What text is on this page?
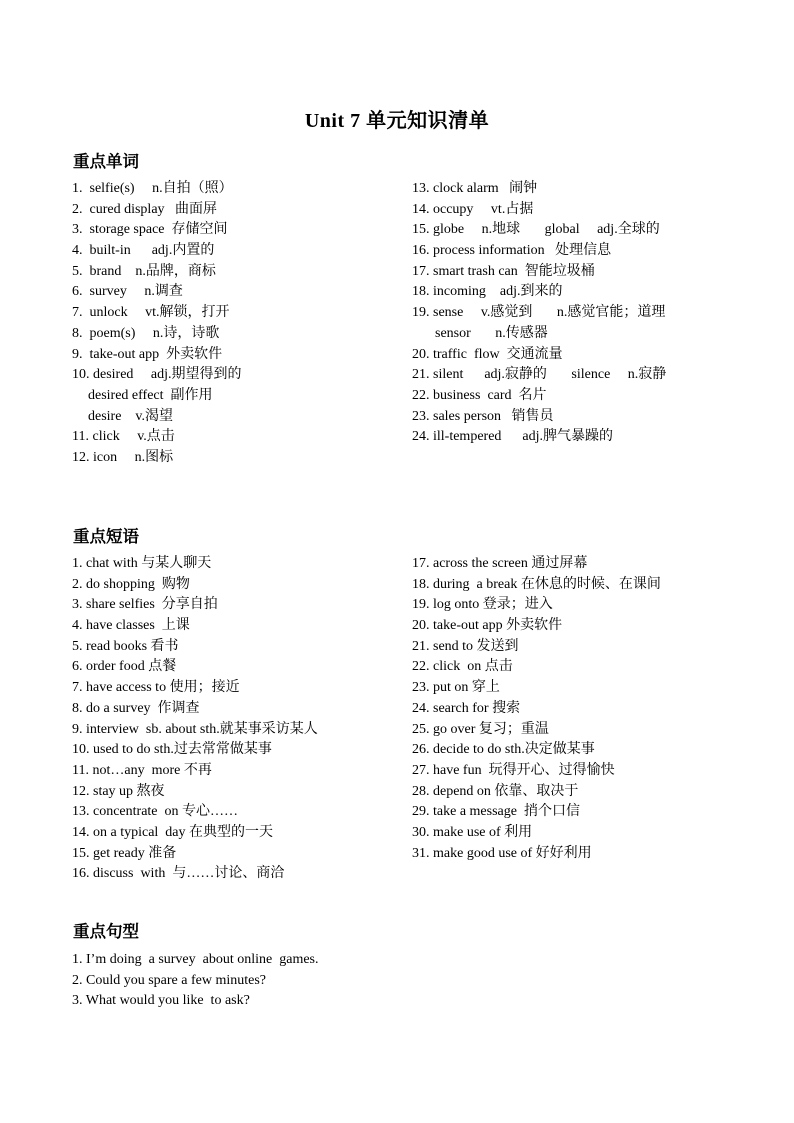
Unit 7 单元知识清单
重点单词
1.  selfie(s)     n.自拍（照）
2.  cured display   曲面屏
3.  storage space  存储空间
4.  built-in      adj.内置的
5.  brand    n.品牌，商标
6.  survey     n.调查
7.  unlock     vt.解锁，打开
8.  poem(s)     n.诗，诗歌
9.  take-out app  外卖软件
10. desired     adj.期望得到的
desired effect  副作用
desire    v.渴望
11. click     v.点击
12. icon     n.图标
13. clock alarm   闹钟
14. occupy     vt.占据
15. globe     n.地球       global     adj.全球的
16. process information   处理信息
17. smart trash can  智能垃圾桶
18. incoming    adj.到来的
19. sense     v.感觉到       n.感觉官能；道理
sensor       n.传感器
20. traffic  flow  交通流量
21. silent      adj.寂静的       silence     n.寂静
22. business  card  名片
23. sales person   销售员
24. ill-tempered      adj.脾气暴躁的
重点短语
1. chat with 与某人聊天
2. do shopping  购物
3. share selfies  分享自拍
4. have classes  上课
5. read books 看书
6. order food 点餐
7. have access to 使用；接近
8. do a survey  作调查
9. interview  sb. about sth.就某事采访某人
10. used to do sth.过去常常做某事
11. not…any  more 不再
12. stay up 熬夜
13. concentrate  on 专心……
14. on a typical  day 在典型的一天
15. get ready 准备
16. discuss  with  与……讨论、商洽
17. across the screen 通过屏幕
18. during  a break 在休息的时候、在课间
19. log onto 登录；进入
20. take-out app 外卖软件
21. send to 发送到
22. click  on 点击
23. put on 穿上
24. search for 搜索
25. go over 复习；重温
26. decide to do sth.决定做某事
27. have fun  玩得开心、过得愉快
28. depend on 依靠、取决于
29. take a message  捎个口信
30. make use of 利用
31. make good use of 好好利用
重点句型
1. I’m doing  a survey  about online  games.
2. Could you spare a few minutes?
3. What would you like  to ask?
